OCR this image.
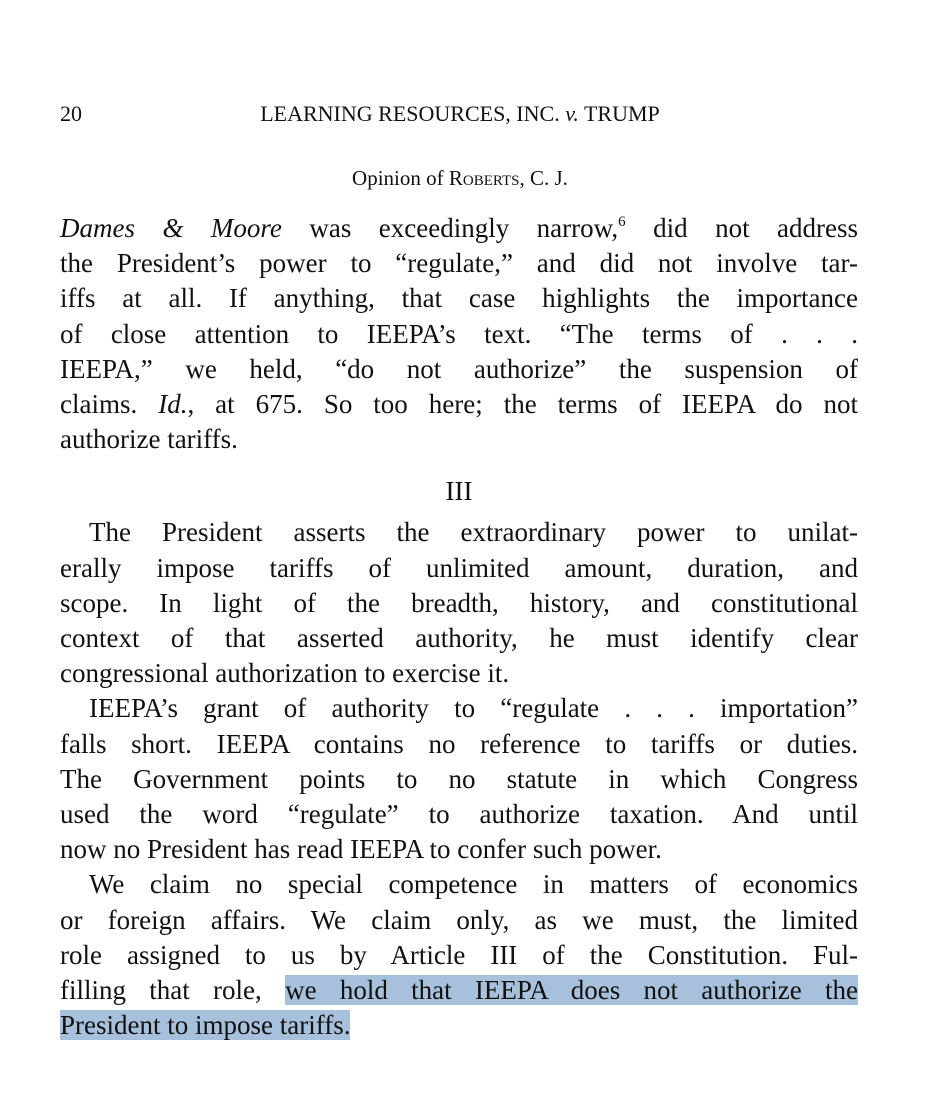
20	LEARNING RESOURCES, INC. v. TRUMP
Opinion of Roberts, C. J.
Dames & Moore was exceedingly narrow,$^6$ did not address
the President’s power to “regulate,” and did not involve tar-
iffs at all. If anything, that case highlights the importance
of close attention to IEEPA’s text. “The terms of . . .
IEEPA,” we held, “do not authorize” the suspension of
claims. Id., at 675. So too here; the terms of IEEPA do not
authorize tariffs.
III
The President asserts the extraordinary power to unilat-
erally impose tariffs of unlimited amount, duration, and
scope. In light of the breadth, history, and constitutional
context of that asserted authority, he must identify clear
congressional authorization to exercise it.
IEEPA’s grant of authority to “regulate . . . importation”
falls short. IEEPA contains no reference to tariffs or duties.
The Government points to no statute in which Congress
used the word “regulate” to authorize taxation. And until
now no President has read IEEPA to confer such power.
We claim no special competence in matters of economics
or foreign affairs. We claim only, as we must, the limited
role assigned to us by Article III of the Constitution. Ful-
filling that role, we hold that IEEPA does not authorize the
President to impose tariffs.
